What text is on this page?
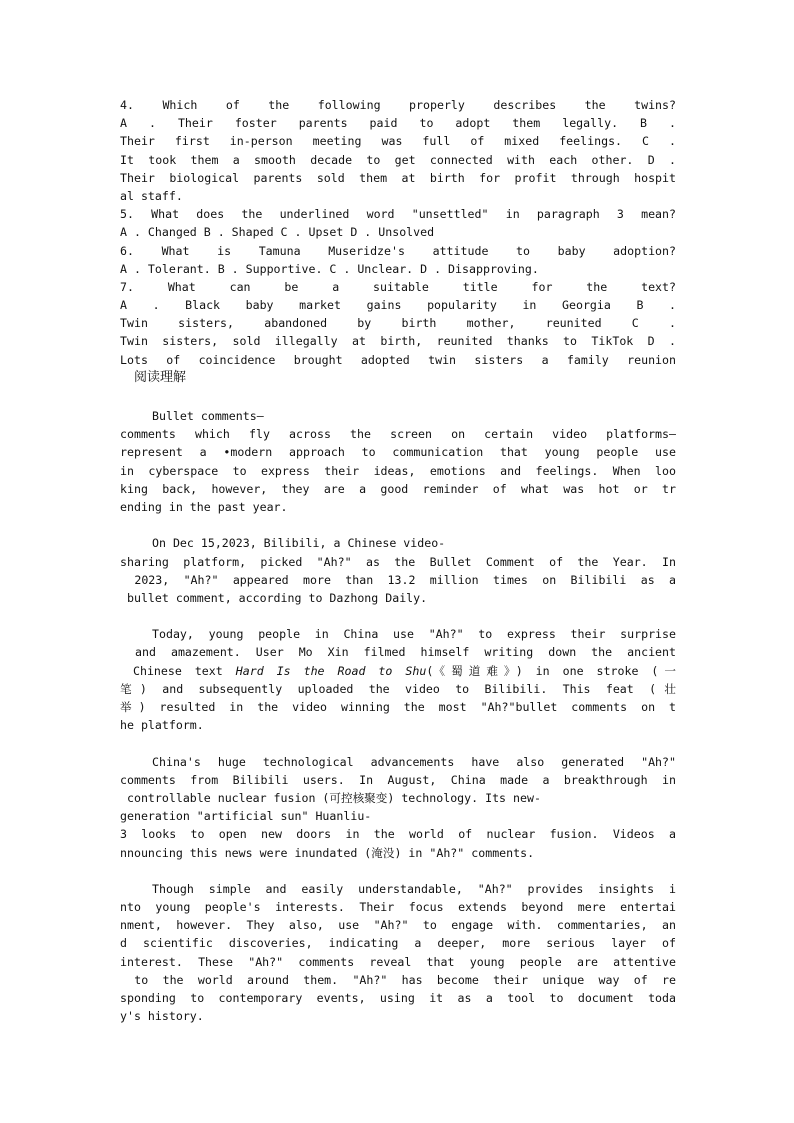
4. Which of the following properly describes the twins?
A . Their foster parents paid to adopt them legally. B .
Their first in-person meeting was full of mixed feelings. C .
It took them a smooth decade to get connected with each other. D .
Their biological parents sold them at birth for profit through hospit
al staff.
5. What does the underlined word "unsettled" in paragraph 3 mean?
A . Changed B . Shaped C . Upset D . Unsolved
6. What is Tamuna Museridze's attitude to baby adoption?
A . Tolerant. B . Supportive. C . Unclear. D . Disapproving.
7. What can be a suitable title for the text?
A . Black baby market gains popularity in Georgia B .
Twin sisters, abandoned by birth mother, reunited C .
Twin sisters, sold illegally at birth, reunited thanks to TikTok D .
Lots of coincidence brought adopted twin sisters a family reunion
阅读理解
Bullet comments—
comments which fly across the screen on certain video platforms—
represent a •modern approach to communication that young people use
in cyberspace to express their ideas, emotions and feelings. When loo
king back, however, they are a good reminder of what was hot or tr
ending in the past year.
On Dec 15,2023, Bilibili, a Chinese video-
sharing platform, picked "Ah?" as the Bullet Comment of the Year. In
2023, "Ah?" appeared more than 13.2 million times on Bilibili as a
bullet comment, according to Dazhong Daily.
Today, young people in China use "Ah?" to express their surprise
and amazement. User Mo Xin filmed himself writing down the ancient
Chinese text Hard Is the Road to Shu(《蜀道难》) in one stroke (一
笔) and subsequently uploaded the video to Bilibili. This feat (壮
举) resulted in the video winning the most "Ah?"bullet comments on t
he platform.
China's huge technological advancements have also generated "Ah?"
comments from Bilibili users. In August, China made a breakthrough in
controllable nuclear fusion (可控核聚变) technology. Its new-
generation "artificial sun" Huanliu-
3 looks to open new doors in the world of nuclear fusion. Videos a
nnouncing this news were inundated (淹没) in "Ah?" comments.
Though simple and easily understandable, "Ah?" provides insights i
nto young people's interests. Their focus extends beyond mere entertai
nment, however. They also, use "Ah?" to engage with. commentaries, an
d scientific discoveries, indicating a deeper, more serious layer of
interest. These "Ah?" comments reveal that young people are attentive
to the world around them. "Ah?" has become their unique way of re
sponding to contemporary events, using it as a tool to document toda
y's history.
